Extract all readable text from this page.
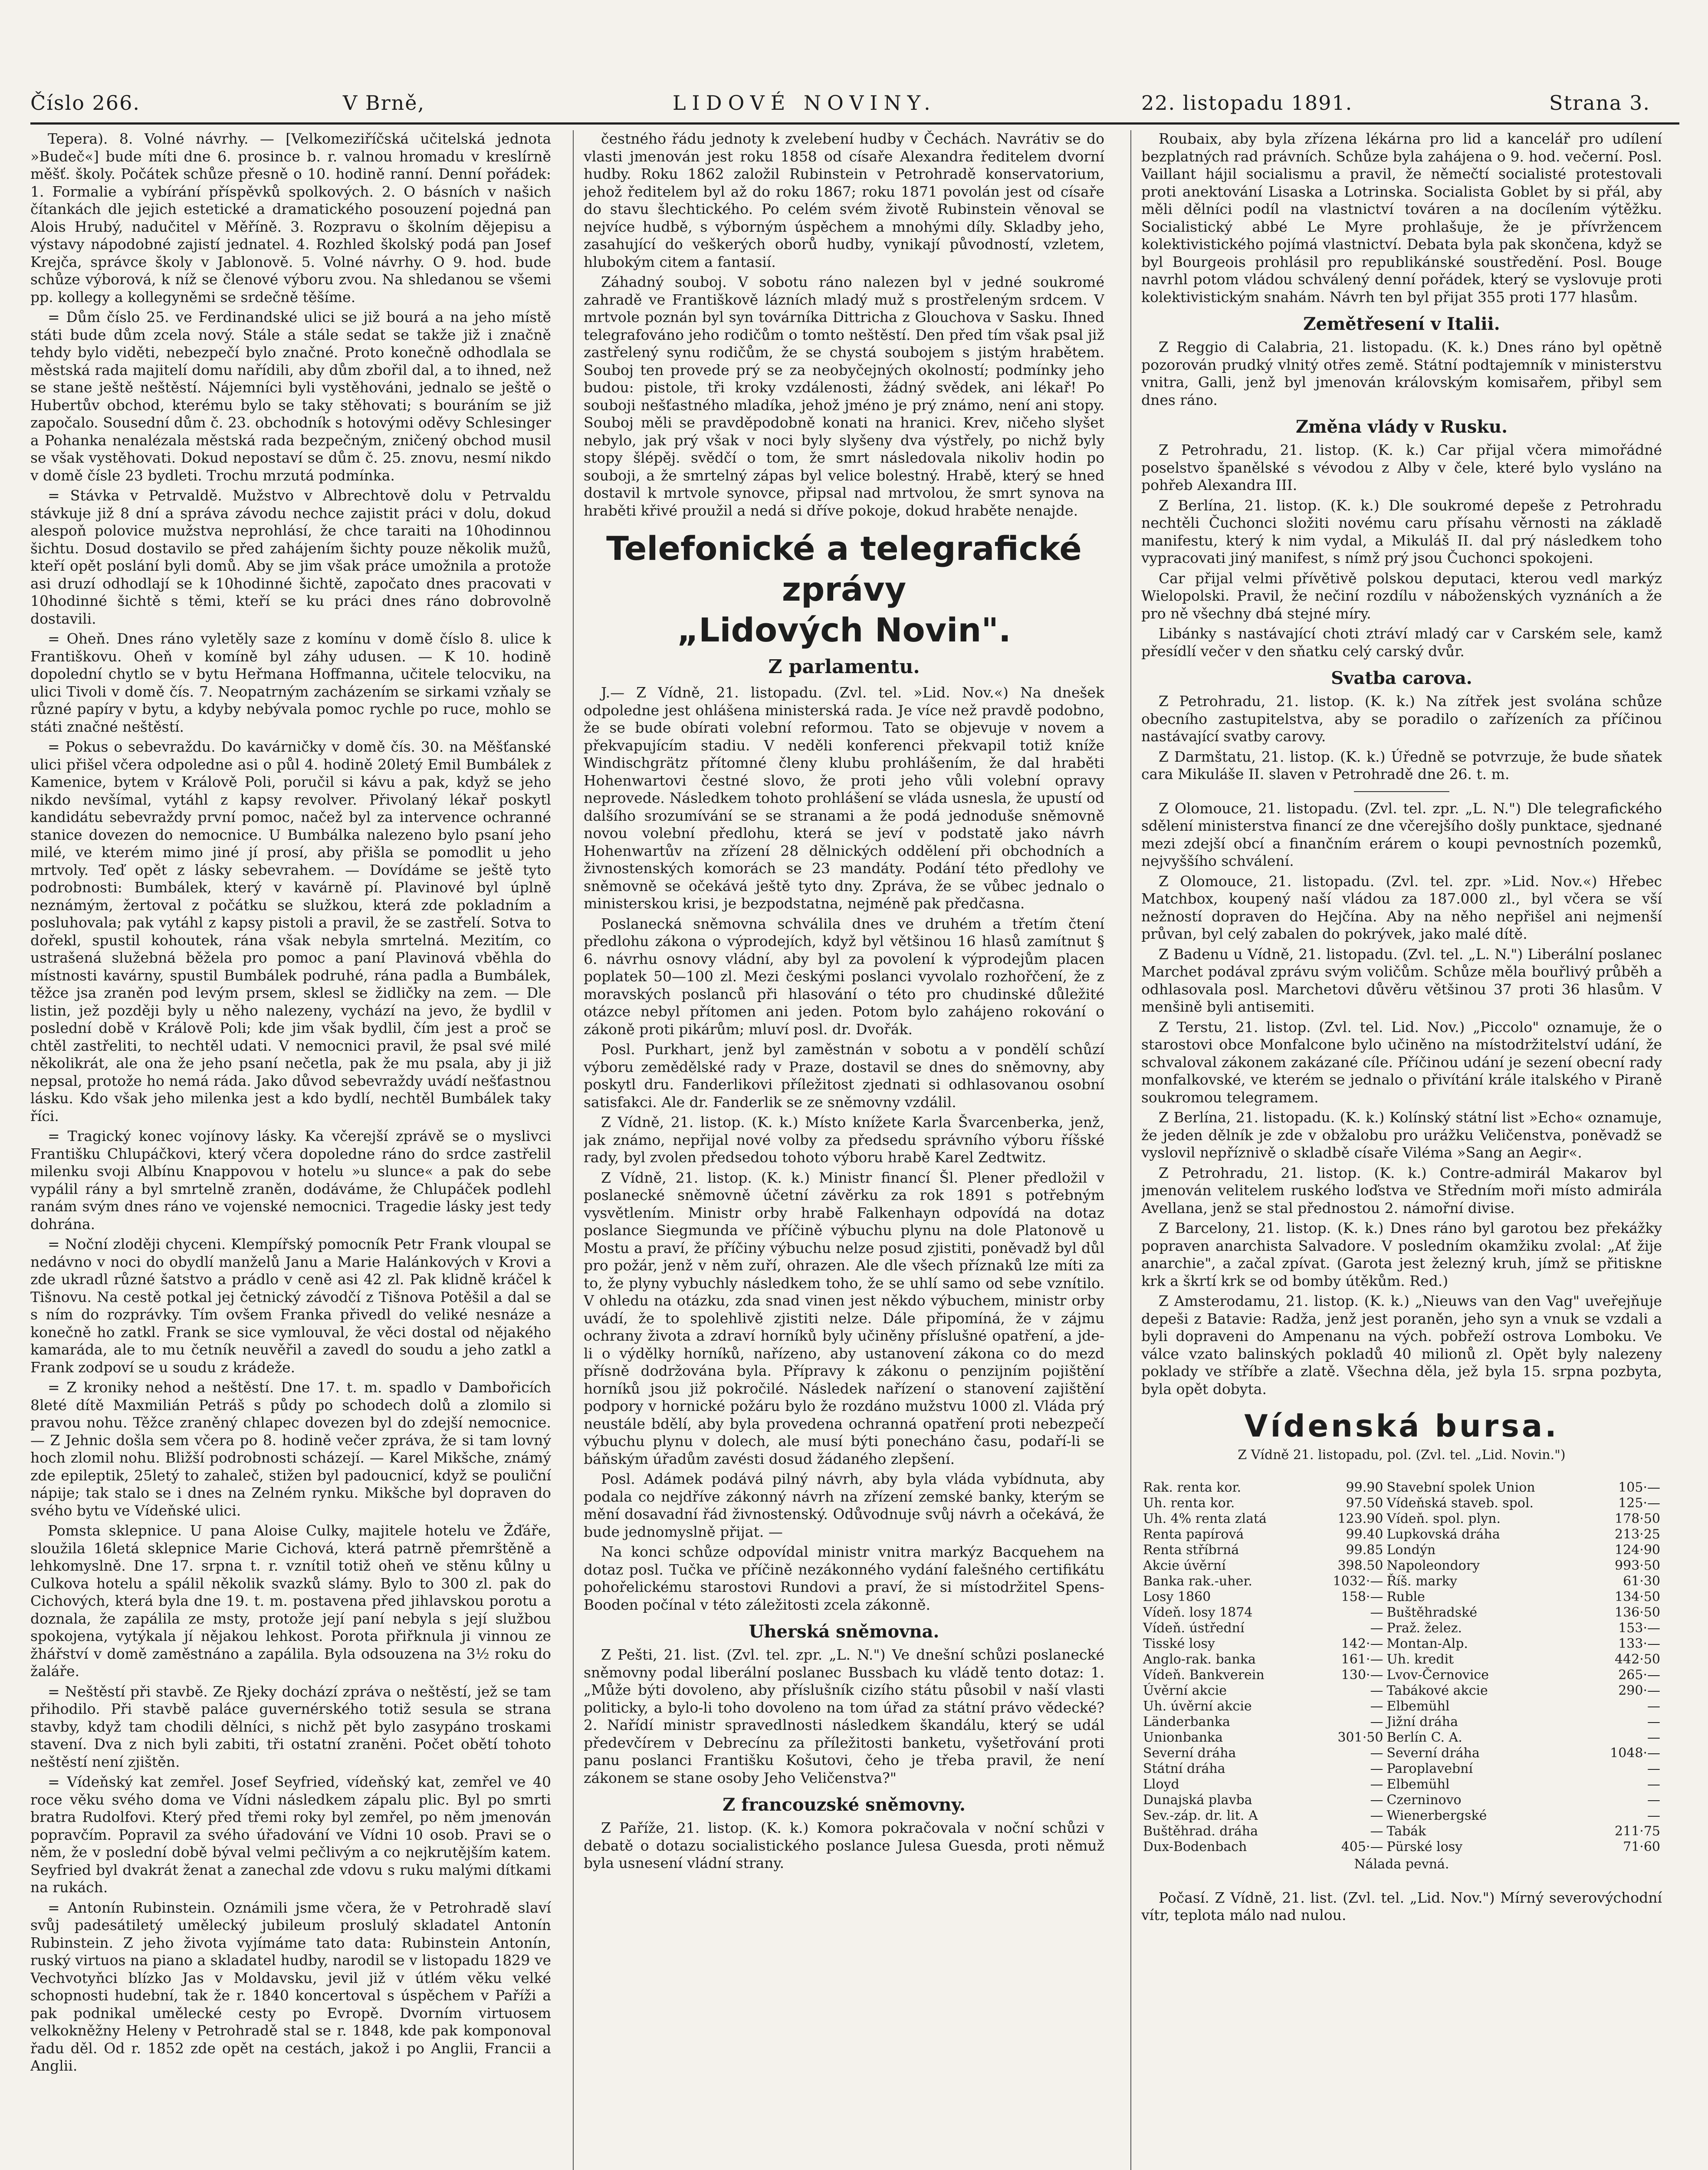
Číslo 266.	V Brně,	LIDOVÉ NOVINY.	22. listopadu 1891.	Strana 3.

Tepera). 8. Volné návrhy. — [Velkomeziříčská učitelská jednota »Budeč«] bude míti dne 6. prosince b. r. valnou hromadu v kreslírně měšť. školy. Počátek schůze přesně o 10. hodině ranní. Denní pořádek: 1. Formalie a vybírání příspěvků spolkových. 2. O básních v našich čítankách dle jejich estetické a dramatického posouzení pojedná pan Alois Hrubý, nadučitel v Měříně. 3. Rozpravu o školním dějepisu a výstavy nápodobné zajistí jednatel. 4. Rozhled školský podá pan Josef Krejča, správce školy v Jablonově. 5. Volné návrhy. O 9. hod. bude schůze výborová, k níž se členové výboru zvou. Na shledanou se všemi pp. kollegy a kollegyněmi se srdečně těšíme.

= Dům číslo 25. ve Ferdinandské ulici se již bourá a na jeho místě státi bude dům zcela nový. Stále a stále sedat se takže již i značně tehdy bylo viděti, nebezpečí bylo značné. Proto konečně odhodlala se městská rada majitelí domu nařídili, aby dům zbořil dal, a to ihned, než se stane ještě neštěstí. Nájemníci byli vystěhováni, jednalo se ještě o Hubertův obchod, kterému bylo se taky stěhovati; s bouráním se již započalo. Sousední dům č. 23. obchodník s hotovými oděvy Schlesinger a Pohanka nenalézala městská rada bezpečným, zničený obchod musil se však vystěhovati. Dokud nepostaví se dům č. 25. znovu, nesmí nikdo v domě čísle 23 bydleti. Trochu mrzutá podmínka.

= Stávka v Petrvaldě. Mužstvo v Albrechtově dolu v Petrvaldu stávkuje již 8 dní a správa závodu nechce zajistit práci v dolu, dokud alespoň polovice mužstva neprohlásí, že chce taraiti na 10hodinnou šichtu. Dosud dostavilo se před zahájením šichty pouze několik mužů, kteří opět poslání byli domů. Aby se jim však práce umožnila a protože asi druzí odhodlají se k 10hodinné šichtě, započato dnes pracovati v 10hodinné šichtě s těmi, kteří se ku práci dnes ráno dobrovolně dostavili.

= Oheň. Dnes ráno vyletěly saze z komínu v domě číslo 8. ulice k Františkovu. Oheň v komíně byl záhy udusen. — K 10. hodině dopolední chytlo se v bytu Heřmana Hoffmanna, učitele telocviku, na ulici Tivoli v domě čís. 7. Neopatrným zacházením se sirkami vzňaly se různé papíry v bytu, a kdyby nebývala pomoc rychle po ruce, mohlo se státi značné neštěstí.

= Pokus o sebevraždu. Do kavárničky v domě čís. 30. na Měšťanské ulici přišel včera odpoledne asi o půl 4. hodině 20letý Emil Bumbálek z Kamenice, bytem v Králově Poli, poručil si kávu a pak, když se jeho nikdo nevšímal, vytáhl z kapsy revolver. Přivolaný lékař poskytl kandidátu sebevraždy první pomoc, načež byl za intervence ochranné stanice dovezen do nemocnice. U Bumbálka nalezeno bylo psaní jeho milé, ve kterém mimo jiné jí prosí, aby přišla se pomodlit u jeho mrtvoly. Teď opět z lásky sebevrahem. — Dovídáme se ještě tyto podrobnosti: Bumbálek, který v kavárně pí. Plavinové byl úplně neznámým, žertoval z počátku se služkou, která zde pokladním a posluhovala; pak vytáhl z kapsy pistoli a pravil, že se zastřelí. Sotva to dořekl, spustil kohoutek, rána však nebyla smrtelná. Mezitím, co ustrašená služebná běžela pro pomoc a paní Plavinová vběhla do místnosti kavárny, spustil Bumbálek podruhé, rána padla a Bumbálek, těžce jsa zraněn pod levým prsem, sklesl se židličky na zem. — Dle listin, jež později byly u něho nalezeny, vychází na jevo, že bydlil v poslední době v Králově Poli; kde jim však bydlil, čím jest a proč se chtěl zastřeliti, to nechtěl udati. V nemocnici pravil, že psal své milé několikrát, ale ona že jeho psaní nečetla, pak že mu psala, aby ji již nepsal, protože ho nemá ráda. Jako důvod sebevraždy uvádí nešťastnou lásku. Kdo však jeho milenka jest a kdo bydlí, nechtěl Bumbálek taky říci.

= Tragický konec vojínovy lásky. Ka včerejší zprávě se o myslivci Františku Chlupáčkovi, který včera dopoledne ráno do srdce zastřelil milenku svoji Albínu Knappovou v hotelu »u slunce« a pak do sebe vypálil rány a byl smrtelně zraněn, dodáváme, že Chlupáček podlehl ranám svým dnes ráno ve vojenské nemocnici. Tragedie lásky jest tedy dohrána.

= Noční zloději chyceni. Klempířský pomocník Petr Frank vloupal se nedávno v noci do obydlí manželů Janu a Marie Halánkových v Krovi a zde ukradl různé šatstvo a prádlo v ceně asi 42 zl. Pak klidně kráčel k Tišnovu. Na cestě potkal jej četnický závodčí z Tišnova Potěšil a dal se s ním do rozprávky. Tím ovšem Franka přivedl do veliké nesnáze a konečně ho zatkl. Frank se sice vymlouval, že věci dostal od nějakého kamaráda, ale to mu četník neuvěřil a zavedl do soudu a jeho zatkl a Frank zodpoví se u soudu z krádeže.

= Z kroniky nehod a neštěstí. Dne 17. t. m. spadlo v Dambořicích 8leté dítě Maxmilián Petráš s půdy po schodech dolů a zlomilo si pravou nohu. Těžce zraněný chlapec dovezen byl do zdejší nemocnice. — Z Jehnic došla sem včera po 8. hodině večer zpráva, že si tam lovný hoch zlomil nohu. Bližší podrobnosti scházejí. — Karel Mikšche, známý zde epileptik, 25letý to zahaleč, stižen byl padoucnicí, když se pouliční nápije; tak stalo se i dnes na Zelném rynku. Mikšche byl dopraven do svého bytu ve Vídeňské ulici.

Pomsta sklepnice. U pana Aloise Culky, majitele hotelu ve Žďáře, sloužila 16letá sklepnice Marie Cichová, která patrně přemrštěně a lehkomyslně. Dne 17. srpna t. r. vznítil totiž oheň ve stěnu kůlny u Culkova hotelu a spálil několik svazků slámy. Bylo to 300 zl. pak do Cichových, která byla dne 19. t. m. postavena před jihlavskou porotu a doznala, že zapálila ze msty, protože její paní nebyla s její službou spokojena, vytýkala jí nějakou lehkost. Porota přiřknula ji vinnou ze žhářství v domě zaměstnáno a zapálila. Byla odsouzena na 3½ roku do žaláře.

= Neštěstí při stavbě. Ze Rjeky dochází zpráva o neštěstí, jež se tam přihodilo. Při stavbě paláce guvernérského totiž sesula se strana stavby, když tam chodili dělníci, s nichž pět bylo zasypáno troskami stavení. Dva z nich byli zabiti, tři ostatní zraněni. Počet obětí tohoto neštěstí není zjištěn.

= Vídeňský kat zemřel. Josef Seyfried, vídeňský kat, zemřel ve 40 roce věku svého doma ve Vídni následkem zápalu plic. Byl po smrti bratra Rudolfovi. Který před třemi roky byl zemřel, po něm jmenován popravčím. Popravil za svého úřadování ve Vídni 10 osob. Pravi se o něm, že v poslední době býval velmi pečlivým a co nejkrutějším katem. Seyfried byl dvakrát ženat a zanechal zde vdovu s ruku malými dítkami na rukách.

= Antonín Rubinstein. Oznámili jsme včera, že v Petrohradě slaví svůj padesátiletý umělecký jubileum proslulý skladatel Antonín Rubinstein. Z jeho života vyjímáme tato data: Rubinstein Antonín, ruský virtuos na piano a skladatel hudby, narodil se v listopadu 1829 ve Vechvotyňci blízko Jas v Moldavsku, jevil již v útlém věku velké schopnosti hudební, tak že r. 1840 koncertoval s úspěchem v Paříži a pak podnikal umělecké cesty po Evropě. Dvorním virtuosem velkokněžny Heleny v Petrohradě stal se r. 1848, kde pak komponoval řadu děl. Od r. 1852 zde opět na cestách, jakož i po Anglii, Francii a Anglii.

čestného řádu jednoty k zvelebení hudby v Čechách. Navrátiv se do vlasti jmenován jest roku 1858 od císaře Alexandra ředitelem dvorní hudby. Roku 1862 založil Rubinstein v Petrohradě konservatorium, jehož ředitelem byl až do roku 1867; roku 1871 povolán jest od císaře do stavu šlechtického. Po celém svém životě Rubinstein věnoval se nejvíce hudbě, s výborným úspěchem a mnohými díly. Skladby jeho, zasahující do veškerých oborů hudby, vynikají původností, vzletem, hlubokým citem a fantasií.

Záhadný souboj. V sobotu ráno nalezen byl v jedné soukromé zahradě ve Františkově lázních mladý muž s prostřeleným srdcem. V mrtvole poznán byl syn továrníka Dittricha z Glouchova v Sasku. Ihned telegrafováno jeho rodičům o tomto neštěstí. Den před tím však psal již zastřelený synu rodičům, že se chystá soubojem s jistým hrabětem. Souboj ten provede prý se za neobyčejných okolností; podmínky jeho budou: pistole, tři kroky vzdálenosti, žádný svědek, ani lékař! Po souboji nešťastného mladíka, jehož jméno je prý známo, není ani stopy. Souboj měli se pravděpodobně konati na hranici. Krev, ničeho slyšet nebylo, jak prý však v noci byly slyšeny dva výstřely, po nichž byly stopy šlépěj. svědčí o tom, že smrt následovala nikoliv hodin po souboji, a že smrtelný zápas byl velice bolestný. Hrabě, který se hned dostavil k mrtvole synovce, připsal nad mrtvolou, že smrt synova na hraběti křivé proužil a nedá si dříve pokoje, dokud hraběte nenajde.

Telefonické a telegrafické zprávy
„Lidových Novin".
Z parlamentu.

J.— Z Vídně, 21. listopadu. (Zvl. tel. »Lid. Nov.«) Na dnešek odpoledne jest ohlášena ministerská rada. Je více než pravdě podobno, že se bude obírati volební reformou. Tato se objevuje v novem a překvapujícím stadiu. V neděli konferenci překvapil totiž kníže Windischgrätz přítomné členy klubu prohlášením, že dal hraběti Hohenwartovi čestné slovo, že proti jeho vůli volební opravy neprovede. Následkem tohoto prohlášení se vláda usnesla, že upustí od dalšího srozumívání se se stranami a že podá jednoduše sněmovně novou volební předlohu, která se jeví v podstatě jako návrh Hohenwartův na zřízení 28 dělnických oddělení při obchodních a živnostenských komorách se 23 mandáty. Podání této předlohy ve sněmovně se očekává ještě tyto dny. Zpráva, že se vůbec jednalo o ministerskou krisi, je bezpodstatna, nejméně pak předčasna.

Poslanecká sněmovna schválila dnes ve druhém a třetím čtení předlohu zákona o výprodejích, když byl většinou 16 hlasů zamítnut § 6. návrhu osnovy vládní, aby byl za povolení k výprodejům placen poplatek 50—100 zl. Mezi českými poslanci vyvolalo rozhořčení, že z moravských poslanců při hlasování o této pro chudinské důležité otázce nebyl přítomen ani jeden. Potom bylo zahájeno rokování o zákoně proti pikárům; mluví posl. dr. Dvořák.

Posl. Purkhart, jenž byl zaměstnán v sobotu a v pondělí schůzí výboru zemědělské rady v Praze, dostavil se dnes do sněmovny, aby poskytl dru. Fanderlikovi příležitost zjednati si odhlasovanou osobní satisfakci. Ale dr. Fanderlik se ze sněmovny vzdálil.

Z Vídně, 21. listop. (K. k.) Místo knížete Karla Švarcenberka, jenž, jak známo, nepřijal nové volby za předsedu správního výboru říšské rady, byl zvolen předsedou tohoto výboru hrabě Karel Zedtwitz.

Z Vídně, 21. listop. (K. k.) Ministr financí Šl. Plener předložil v poslanecké sněmovně účetní závěrku za rok 1891 s potřebným vysvětlením. Ministr orby hrabě Falkenhayn odpovídá na dotaz poslance Siegmunda ve příčině výbuchu plynu na dole Platonově u Mostu a praví, že příčiny výbuchu nelze posud zjistiti, poněvadž byl důl pro požár, jenž v něm zuří, ohrazen. Ale dle všech příznaků lze míti za to, že plyny vybuchly následkem toho, že se uhlí samo od sebe vznítilo. V ohledu na otázku, zda snad vinen jest někdo výbuchem, ministr orby uvádí, že to spolehlivě zjistiti nelze. Dále připomíná, že v zájmu ochrany života a zdraví horníků byly učiněny příslušné opatření, a jde-li o výdělky horníků, nařízeno, aby ustanovení zákona co do mezd přísně dodržována byla. Přípravy k zákonu o penzijním pojištění horníků jsou již pokročilé. Následek nařízení o stanovení zajištění podpory v hornické požáru bylo že rozdáno mužstvu 1000 zl. Vláda prý neustále bdělí, aby byla provedena ochranná opatření proti nebezpečí výbuchu plynu v dolech, ale musí býti ponecháno času, podaří-li se báňským úřadům zavésti dosud žádaného zlepšení.

Posl. Adámek podává pilný návrh, aby byla vláda vybídnuta, aby podala co nejdříve zákonný návrh na zřízení zemské banky, kterým se mění dosavadní řád živnostenský. Odůvodnuje svůj návrh a očekává, že bude jednomyslně přijat. —

Na konci schůze odpovídal ministr vnitra markýz Bacquehem na dotaz posl. Tučka ve příčině nezákonného vydání falešného certifikátu pohořelickému starostovi Rundovi a praví, že si místodržitel Spens-Booden počínal v této záležitosti zcela zákonně.

Uherská sněmovna.

Z Pešti, 21. list. (Zvl. tel. zpr. „L. N.") Ve dnešní schůzi poslanecké sněmovny podal liberální poslanec Bussbach ku vládě tento dotaz: 1. „Může býti dovoleno, aby příslušník cizího státu působil v naší vlasti politicky, a bylo-li toho dovoleno na tom úřad za státní právo vědecké? 2. Nařídí ministr spravedlnosti následkem škandálu, který se udál předevčírem v Debrecínu za příležitosti banketu, vyšetřování proti panu poslanci Františku Košutovi, čeho je třeba pravil, že není zákonem se stane osoby Jeho Veličenstva?"

Z francouzské sněmovny.

Z Paříže, 21. listop. (K. k.) Komora pokračovala v noční schůzi v debatě o dotazu socialistického poslance Julesa Guesda, proti němuž byla usnesení vládní strany.

Roubaix, aby byla zřízena lékárna pro lid a kancelář pro udílení bezplatných rad právních. Schůze byla zahájena o 9. hod. večerní. Posl. Vaillant hájil socialismu a pravil, že němečtí socialisté protestovali proti anektování Lisaska a Lotrinska. Socialista Goblet by si přál, aby měli dělníci podíl na vlastnictví továren a na docílením výtěžku. Socialistický abbé Le Myre prohlašuje, že je přívržencem kolektivistického pojímá vlastnictví. Debata byla pak skončena, když se byl Bourgeois prohlásil pro republikánské soustředění. Posl. Bouge navrhl potom vládou schválený denní pořádek, který se vyslovuje proti kolektivistickým snahám. Návrh ten byl přijat 355 proti 177 hlasům.

Zemětřesení v Italii.

Z Reggio di Calabria, 21. listopadu. (K. k.) Dnes ráno byl opětně pozorován prudký vlnitý otřes země. Státní podtajemník v ministerstvu vnitra, Galli, jenž byl jmenován královským komisařem, přibyl sem dnes ráno.

Změna vlády v Rusku.

Z Petrohradu, 21. listop. (K. k.) Car přijal včera mimořádné poselstvo španělské s vévodou z Alby v čele, které bylo vysláno na pohřeb Alexandra III.

Z Berlína, 21. listop. (K. k.) Dle soukromé depeše z Petrohradu nechtěli Čuchonci složiti novému caru přísahu věrnosti na základě manifestu, který k nim vydal, a Mikuláš II. dal prý následkem toho vypracovati jiný manifest, s nímž prý jsou Čuchonci spokojeni.

Car přijal velmi přívětivě polskou deputaci, kterou vedl markýz Wielopolski. Pravil, že nečiní rozdílu v náboženských vyznáních a že pro ně všechny dbá stejné míry.

Libánky s nastávající choti ztráví mladý car v Carském sele, kamž přesídlí večer v den sňatku celý carský dvůr.

Svatba carova.

Z Petrohradu, 21. listop. (K. k.) Na zítřek jest svolána schůze obecního zastupitelstva, aby se poradilo o zařízeních za příčinou nastávající svatby carovy.

Z Darmštatu, 21. listop. (K. k.) Úředně se potvrzuje, že bude sňatek cara Mikuláše II. slaven v Petrohradě dne 26. t. m.

Z Olomouce, 21. listopadu. (Zvl. tel. zpr. „L. N.") Dle telegrafického sdělení ministerstva financí ze dne včerejšího došly punktace, sjednané mezi zdejší obcí a finančním erárem o koupi pevnostních pozemků, nejvyššího schválení.

Z Olomouce, 21. listopadu. (Zvl. tel. zpr. »Lid. Nov.«) Hřebec Matchbox, koupený naší vládou za 187.000 zl., byl včera se vší nežností dopraven do Hejčína. Aby na něho nepřišel ani nejmenší průvan, byl celý zabalen do pokrývek, jako malé dítě.

Z Badenu u Vídně, 21. listopadu. (Zvl. tel. „L. N.") Liberální poslanec Marchet podával zprávu svým voličům. Schůze měla bouřlivý průběh a odhlasovala posl. Marchetovi důvěru většinou 37 proti 36 hlasům. V menšině byli antisemiti.

Z Terstu, 21. listop. (Zvl. tel. Lid. Nov.) „Piccolo" oznamuje, že o starostovi obce Monfalcone bylo učiněno na místodržitelství udání, že schvaloval zákonem zakázané cíle. Příčinou udání je sezení obecní rady monfalkovské, ve kterém se jednalo o přivítání krále italského v Piraně soukromou telegramem.

Z Berlína, 21. listopadu. (K. k.) Kolínský státní list »Echo« oznamuje, že jeden dělník je zde v obžalobu pro urážku Veličenstva, poněvadž se vyslovil nepříznivě o skladbě císaře Viléma »Sang an Aegir«.

Z Petrohradu, 21. listop. (K. k.) Contre-admirál Makarov byl jmenován velitelem ruského loďstva ve Středním moři místo admirála Avellana, jenž se stal přednostou 2. námořní divise.

Z Barcelony, 21. listop. (K. k.) Dnes ráno byl garotou bez překážky popraven anarchista Salvadore. V posledním okamžiku zvolal: „Ať žije anarchie", a začal zpívat. (Garota jest železný kruh, jímž se přitiskne krk a škrtí krk se od bomby útěkům. Red.)

Z Amsterodamu, 21. listop. (K. k.) „Nieuws van den Vag" uveřejňuje depeši z Batavie: Radža, jenž jest poraněn, jeho syn a vnuk se vzdali a byli dopraveni do Ampenanu na vých. pobřeží ostrova Lomboku. Ve válce vzato balinských pokladů 40 milionů zl. Opět byly nalezeny poklady ve stříbře a zlatě. Všechna děla, jež byla 15. srpna pozbyta, byla opět dobyta.

Vídenská bursa.
Z Vídně 21. listopadu, pol. (Zvl. tel. „Lid. Novin.")
Rak. renta kor.	99.90	Stavební spolek Union	105·—
Uh. renta kor.	97.50	Vídeňská staveb. spol.	125·—
Uh. 4% renta zlatá	123.90	Vídeň. spol. plyn.	178·50
Renta papírová	99.40	Lupkovská dráha	213·25
Renta stříbrná	99.85	Londýn	124·90
Akcie úvěrní	398.50	Napoleondory	993·50
Banka rak.-uher.	1032·—	Říš. marky	61·30
Losy 1860	158·—	Ruble	134·50
Vídeň. losy 1874	—	Buštěhradské	136·50
Vídeň. ústřední	—	Praž. želez.	153·—
Tisské losy	142·—	Montan-Alp.	133·—
Anglo-rak. banka	161·—	Uh. kredit	442·50
Vídeň. Bankverein	130·—	Lvov-Černovice	265·—
Úvěrní akcie	—	Tabákové akcie	290·—
Uh. úvěrní akcie	—	Elbemühl	—
Länderbanka	—	Jižní dráha	—
Unionbanka	301·50	Berlín C. A.	—
Severní dráha	—	Severní dráha	1048·—
Státní dráha	—	Paroplavební	—
Lloyd	—	Elbemühl	—
Dunajská plavba	—	Czerninovo	—
Sev.-záp. dr. lit. A	—	Wienerbergské	—
Buštěhrad. dráha	—	Tabák	211·75
Dux-Bodenbach	405·—	Pürské losy	71·60
Nálada pevná.

Počasí. Z Vídně, 21. list. (Zvl. tel. „Lid. Nov.") Mírný severovýchodní vítr, teplota málo nad nulou.
